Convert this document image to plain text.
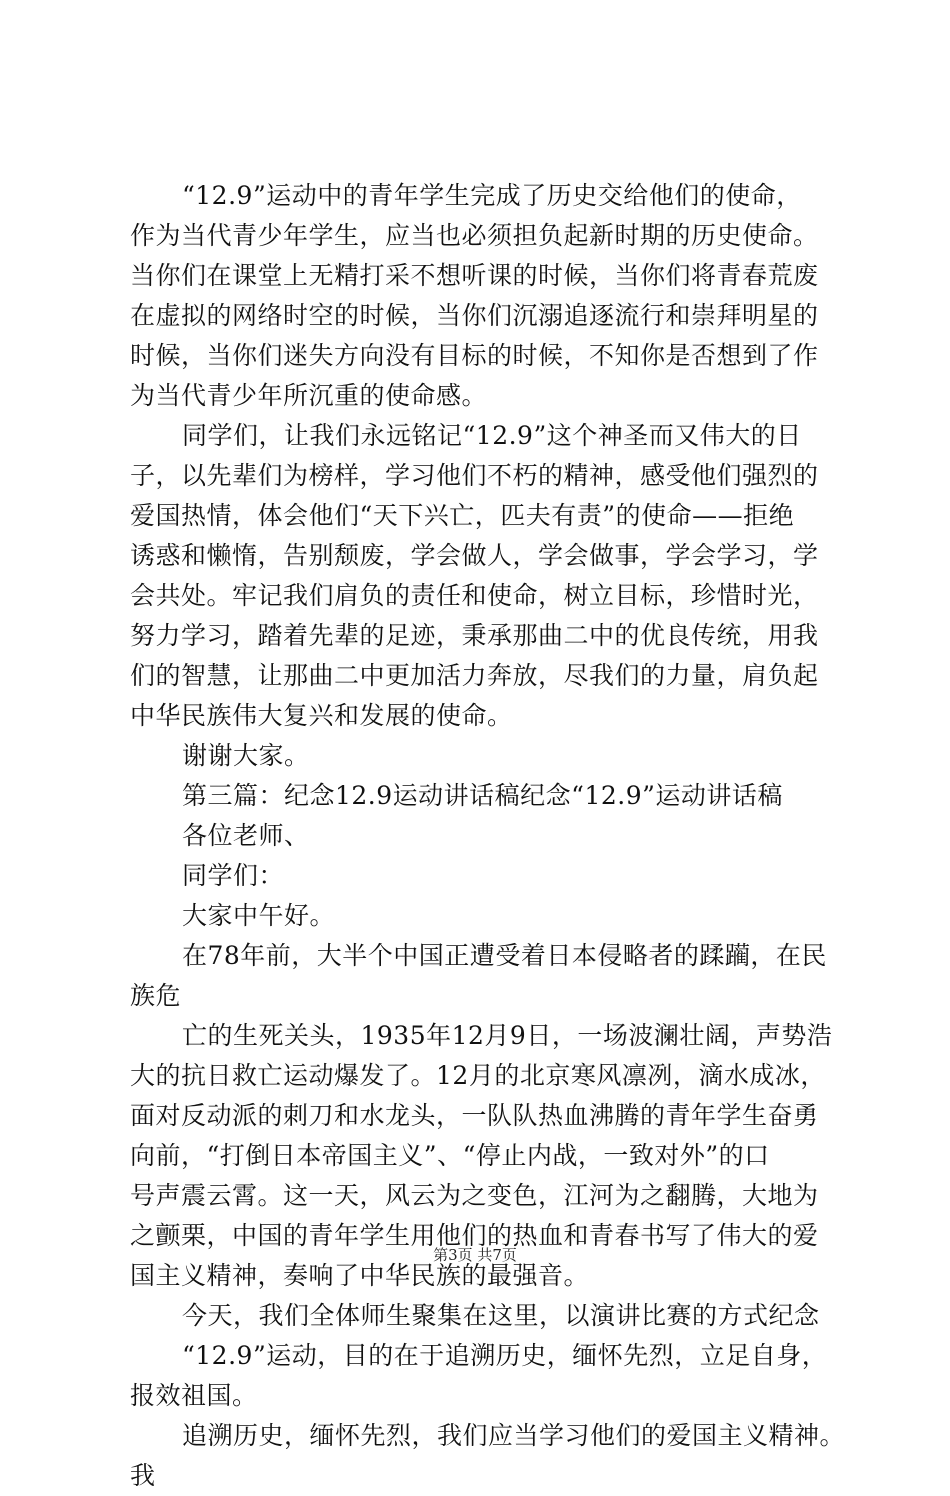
“12.9”运动中的青年学生完成了历史交给他们的使命，
作为当代青少年学生，应当也必须担负起新时期的历史使命。
当你们在课堂上无精打采不想听课的时候，当你们将青春荒废
在虚拟的网络时空的时候，当你们沉溺追逐流行和崇拜明星的
时候，当你们迷失方向没有目标的时候，不知你是否想到了作
为当代青少年所沉重的使命感。
同学们，让我们永远铭记“12.9”这个神圣而又伟大的日
子，以先辈们为榜样，学习他们不朽的精神，感受他们强烈的
爱国热情，体会他们“天下兴亡，匹夫有责”的使命——拒绝
诱惑和懒惰，告别颓废，学会做人，学会做事，学会学习，学
会共处。牢记我们肩负的责任和使命，树立目标，珍惜时光，
努力学习，踏着先辈的足迹，秉承那曲二中的优良传统，用我
们的智慧，让那曲二中更加活力奔放，尽我们的力量，肩负起
中华民族伟大复兴和发展的使命。
谢谢大家。
第三篇：纪念12.9运动讲话稿纪念“12.9”运动讲话稿
各位老师、
同学们：
大家中午好。
在78年前，大半个中国正遭受着日本侵略者的蹂躏，在民
族危
亡的生死关头，1935年12月9日，一场波澜壮阔，声势浩
大的抗日救亡运动爆发了。12月的北京寒风凛冽，滴水成冰，
面对反动派的刺刀和水龙头，一队队热血沸腾的青年学生奋勇
向前，“打倒日本帝国主义”、“停止内战，一致对外”的口
号声震云霄。这一天，风云为之变色，江河为之翻腾，大地为
之颤栗，中国的青年学生用他们的热血和青春书写了伟大的爱
国主义精神，奏响了中华民族的最强音。
今天，我们全体师生聚集在这里，以演讲比赛的方式纪念
“12.9”运动，目的在于追溯历史，缅怀先烈，立足自身，
报效祖国。
追溯历史，缅怀先烈，我们应当学习他们的爱国主义精神。
我
第3页 共7页
